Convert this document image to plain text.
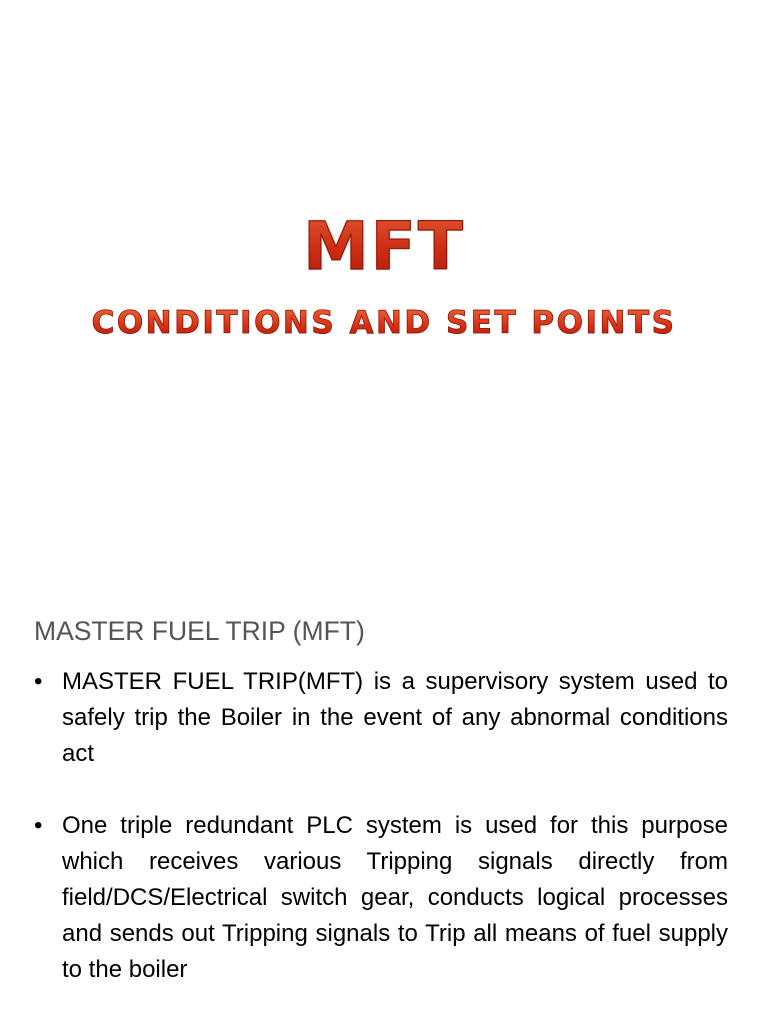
MFT
CONDITIONS AND SET POINTS
MASTER FUEL TRIP (MFT)
• MASTER FUEL TRIP(MFT) is a supervisory system used to safely trip the Boiler in the event of any abnormal conditions act
• One triple redundant PLC system is used for this purpose which receives various Tripping signals directly from field/DCS/Electrical switch gear, conducts logical processes and sends out Tripping signals to Trip all means of fuel supply to the boiler
